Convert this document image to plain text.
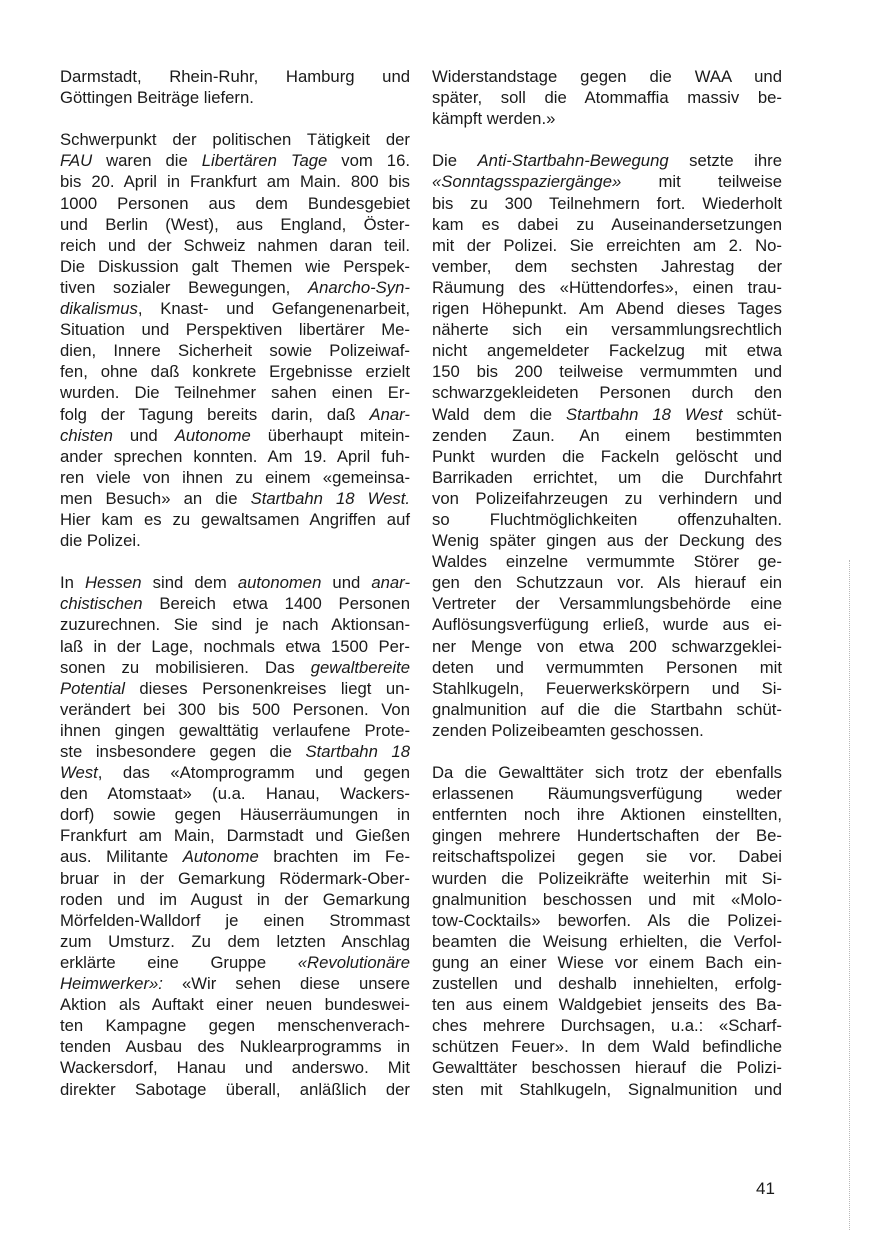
Darmstadt, Rhein-Ruhr, Hamburg und
Göttingen Beiträge liefern.
Schwerpunkt der politischen Tätigkeit der
FAU waren die Libertären Tage vom 16.
bis 20. April in Frankfurt am Main. 800 bis
1000 Personen aus dem Bundesgebiet
und Berlin (West), aus England, Öster-
reich und der Schweiz nahmen daran teil.
Die Diskussion galt Themen wie Perspek-
tiven sozialer Bewegungen, Anarcho-Syn-
dikalismus, Knast- und Gefangenenarbeit,
Situation und Perspektiven libertärer Me-
dien, Innere Sicherheit sowie Polizeiwaf-
fen, ohne daß konkrete Ergebnisse erzielt
wurden. Die Teilnehmer sahen einen Er-
folg der Tagung bereits darin, daß Anar-
chisten und Autonome überhaupt mitein-
ander sprechen konnten. Am 19. April fuh-
ren viele von ihnen zu einem «gemeinsa-
men Besuch» an die Startbahn 18 West.
Hier kam es zu gewaltsamen Angriffen auf
die Polizei.
In Hessen sind dem autonomen und anar-
chistischen Bereich etwa 1400 Personen
zuzurechnen. Sie sind je nach Aktionsan-
laß in der Lage, nochmals etwa 1500 Per-
sonen zu mobilisieren. Das gewaltbereite
Potential dieses Personenkreises liegt un-
verändert bei 300 bis 500 Personen. Von
ihnen gingen gewalttätig verlaufene Prote-
ste insbesondere gegen die Startbahn 18
West, das «Atomprogramm und gegen
den Atomstaat» (u.a. Hanau, Wackers-
dorf) sowie gegen Häuserräumungen in
Frankfurt am Main, Darmstadt und Gießen
aus. Militante Autonome brachten im Fe-
bruar in der Gemarkung Rödermark-Ober-
roden und im August in der Gemarkung
Mörfelden-Walldorf je einen Strommast
zum Umsturz. Zu dem letzten Anschlag
erklärte eine Gruppe «Revolutionäre
Heimwerker»: «Wir sehen diese unsere
Aktion als Auftakt einer neuen bundeswei-
ten Kampagne gegen menschenverach-
tenden Ausbau des Nuklearprogramms in
Wackersdorf, Hanau und anderswo. Mit
direkter Sabotage überall, anläßlich der
Widerstandstage gegen die WAA und
später, soll die Atommaffia massiv be-
kämpft werden.»
Die Anti-Startbahn-Bewegung setzte ihre
«Sonntagsspaziergänge» mit teilweise
bis zu 300 Teilnehmern fort. Wiederholt
kam es dabei zu Auseinandersetzungen
mit der Polizei. Sie erreichten am 2. No-
vember, dem sechsten Jahrestag der
Räumung des «Hüttendorfes», einen trau-
rigen Höhepunkt. Am Abend dieses Tages
näherte sich ein versammlungsrechtlich
nicht angemeldeter Fackelzug mit etwa
150 bis 200 teilweise vermummten und
schwarzgekleideten Personen durch den
Wald dem die Startbahn 18 West schüt-
zenden Zaun. An einem bestimmten
Punkt wurden die Fackeln gelöscht und
Barrikaden errichtet, um die Durchfahrt
von Polizeifahrzeugen zu verhindern und
so Fluchtmöglichkeiten offenzuhalten.
Wenig später gingen aus der Deckung des
Waldes einzelne vermummte Störer ge-
gen den Schutzzaun vor. Als hierauf ein
Vertreter der Versammlungsbehörde eine
Auflösungsverfügung erließ, wurde aus ei-
ner Menge von etwa 200 schwarzgeklei-
deten und vermummten Personen mit
Stahlkugeln, Feuerwerkskörpern und Si-
gnalmunition auf die die Startbahn schüt-
zenden Polizeibeamten geschossen.
Da die Gewalttäter sich trotz der ebenfalls
erlassenen Räumungsverfügung weder
entfernten noch ihre Aktionen einstellten,
gingen mehrere Hundertschaften der Be-
reitschaftspolizei gegen sie vor. Dabei
wurden die Polizeikräfte weiterhin mit Si-
gnalmunition beschossen und mit «Molo-
tow-Cocktails» beworfen. Als die Polizei-
beamten die Weisung erhielten, die Verfol-
gung an einer Wiese vor einem Bach ein-
zustellen und deshalb innehielten, erfolg-
ten aus einem Waldgebiet jenseits des Ba-
ches mehrere Durchsagen, u.a.: «Scharf-
schützen Feuer». In dem Wald befindliche
Gewalttäter beschossen hierauf die Polizi-
sten mit Stahlkugeln, Signalmunition und
41
